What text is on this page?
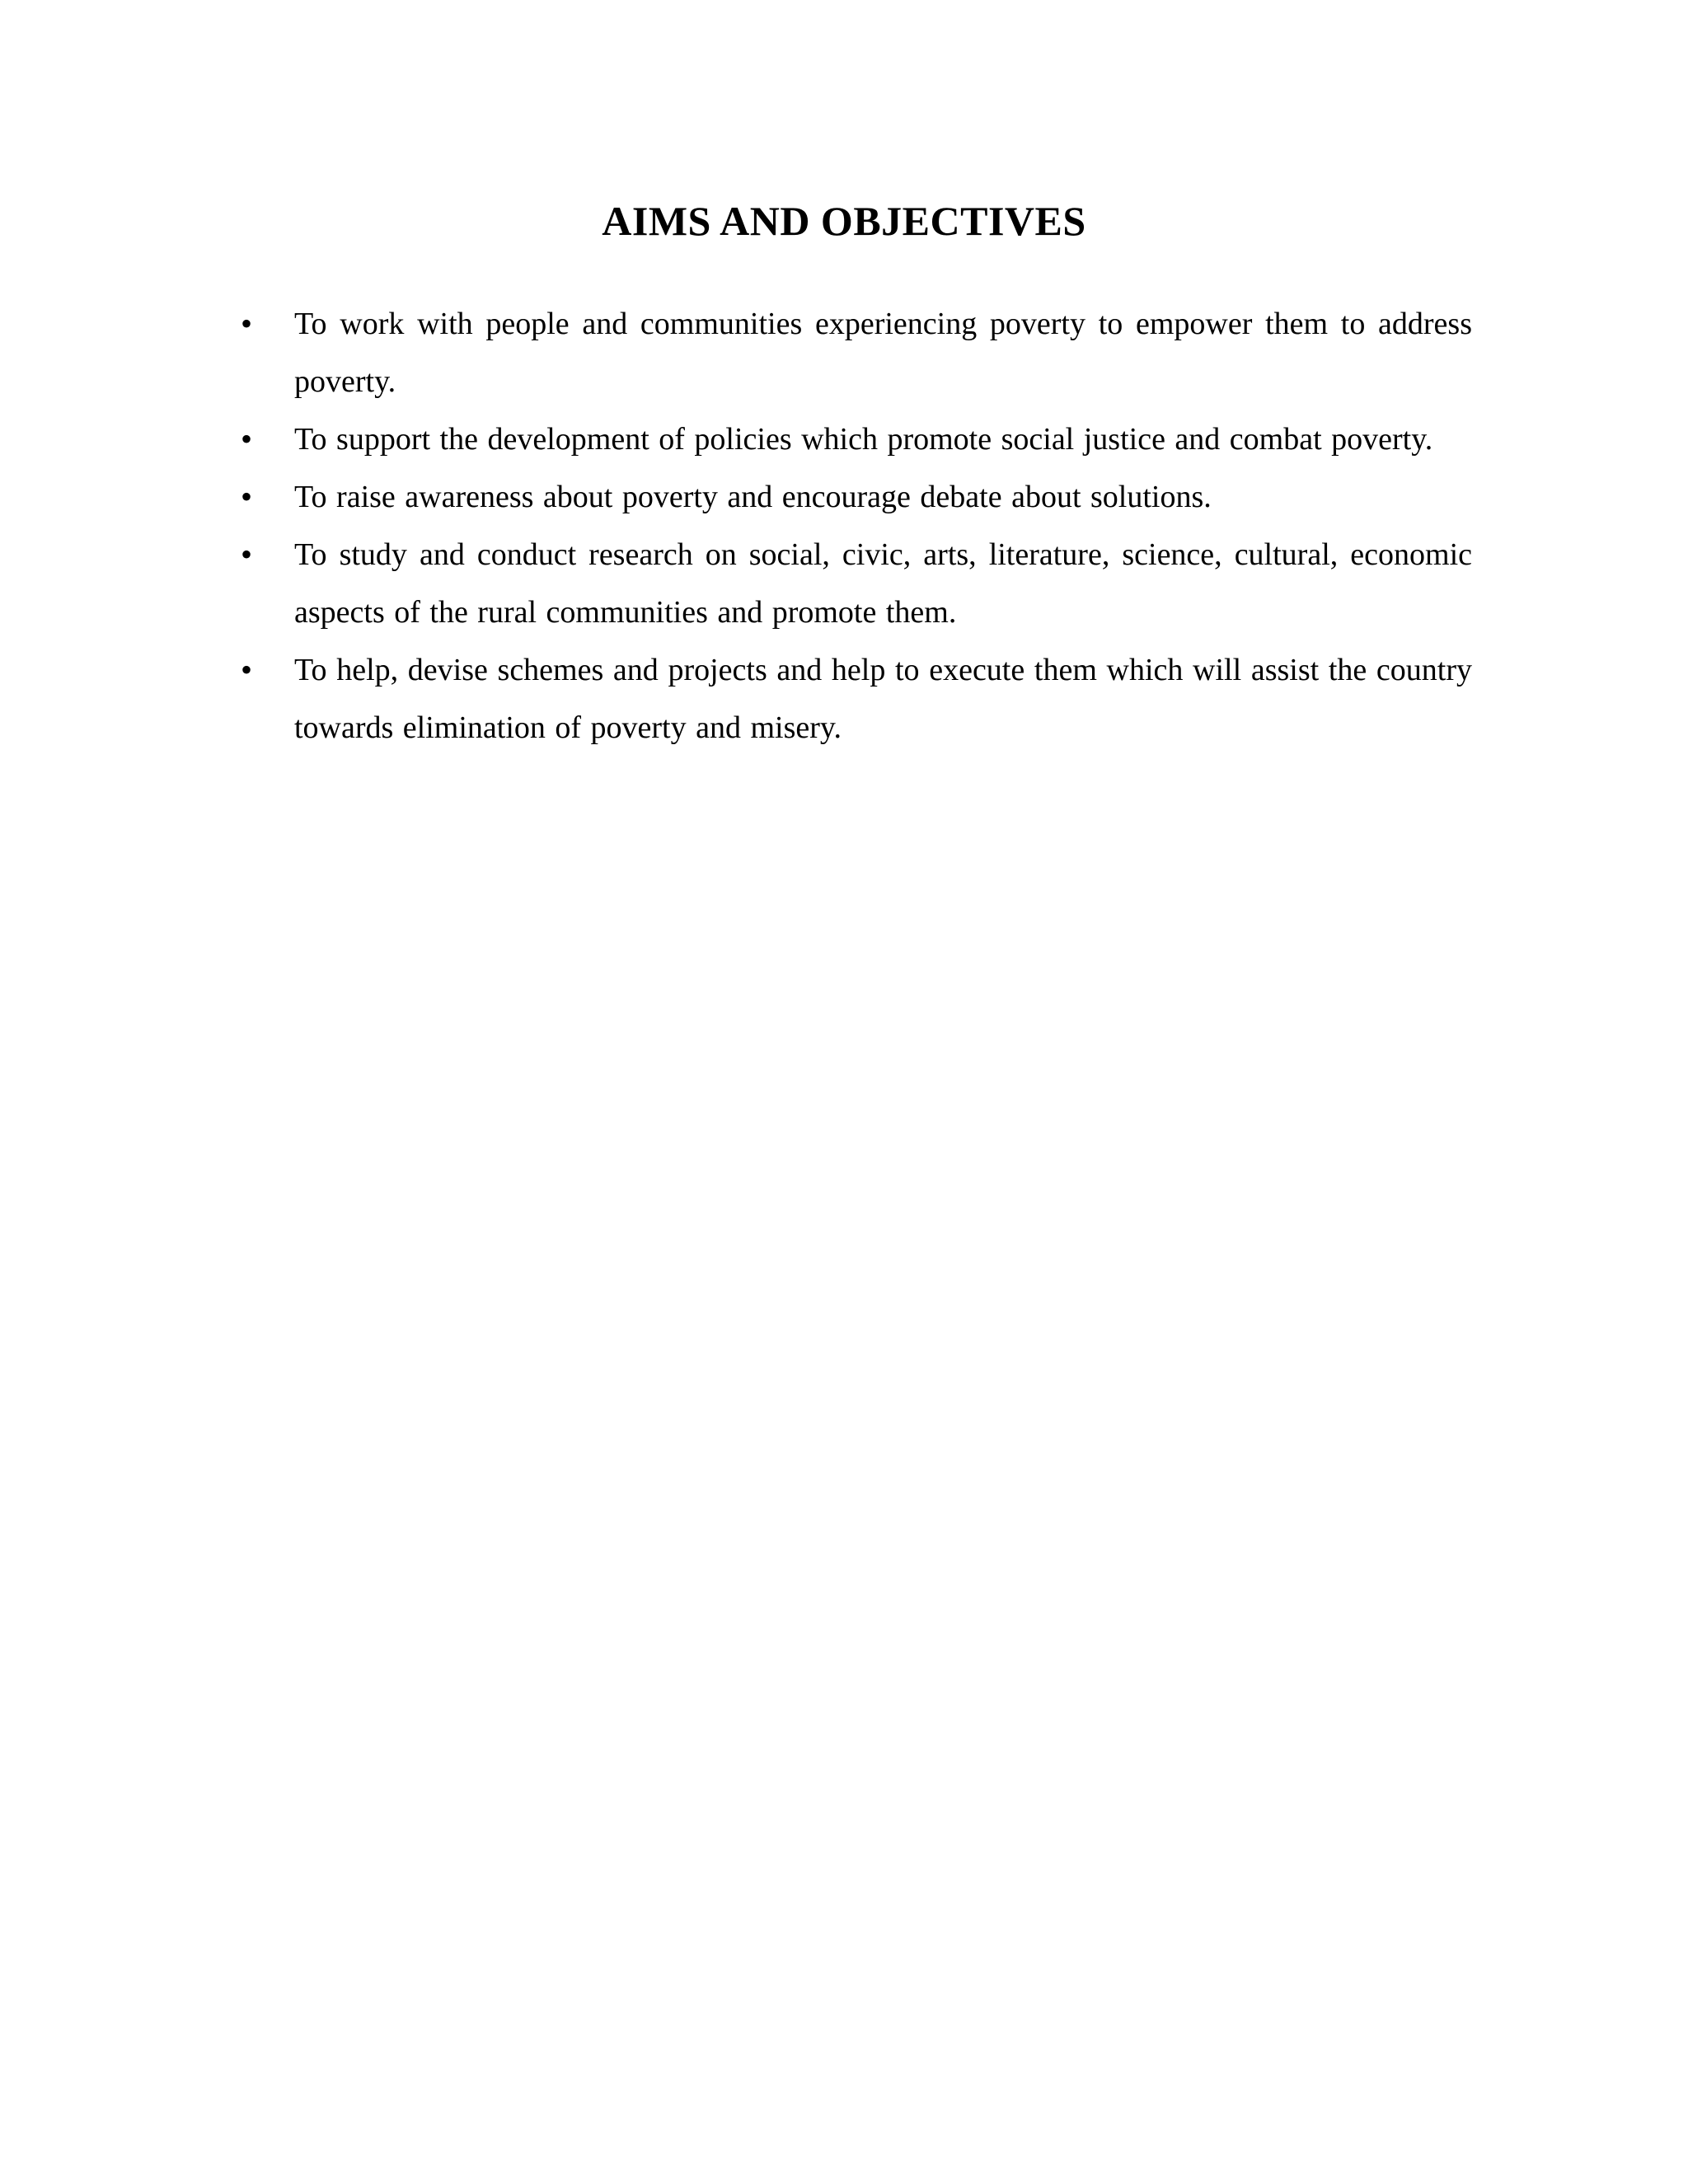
AIMS AND OBJECTIVES
• To work with people and communities experiencing poverty to empower them to address poverty.
• To support the development of policies which promote social justice and combat poverty.
• To raise awareness about poverty and encourage debate about solutions.
• To study and conduct research on social, civic, arts, literature, science, cultural, economic aspects of the rural communities and promote them.
• To help, devise schemes and projects and help to execute them which will assist the country towards elimination of poverty and misery.
